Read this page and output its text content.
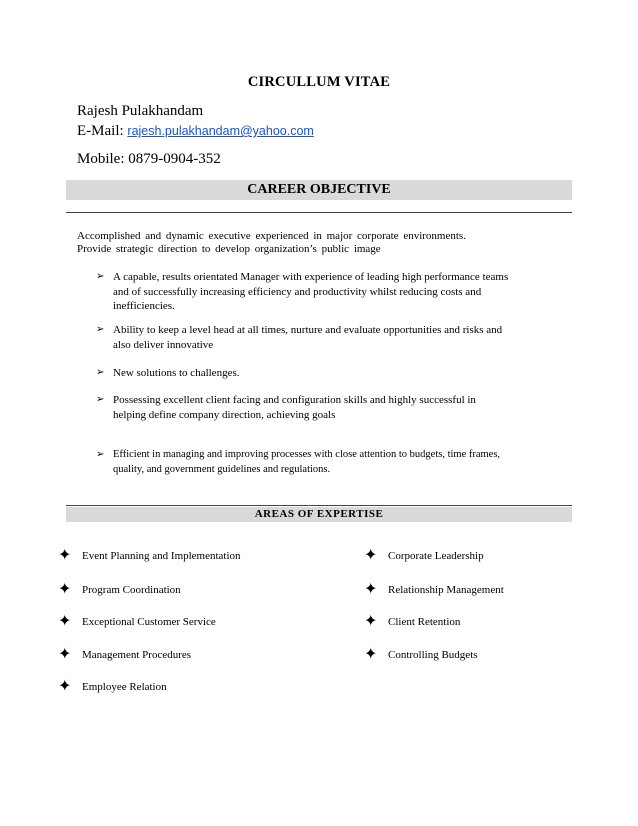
CIRCULLUM VITAE
Rajesh Pulakhandam
E-Mail: rajesh.pulakhandam@yahoo.com
Mobile: 0879-0904-352
CAREER OBJECTIVE
Accomplished and dynamic executive experienced in major corporate environments.
Provide strategic direction to develop organization’s public image
➢ A capable, results orientated Manager with experience of leading high performance teams and of successfully increasing efficiency and productivity whilst reducing costs and inefficiencies.
➢ Ability to keep a level head at all times, nurture and evaluate opportunities and risks and also deliver innovative
➢ New solutions to challenges.
➢ Possessing excellent client facing and configuration skills and highly successful in helping define company direction, achieving goals
➢ Efficient in managing and improving processes with close attention to budgets, time frames, quality, and government guidelines and regulations.
AREAS OF EXPERTISE
✦ Event Planning and Implementation
✦ Program Coordination
✦ Exceptional Customer Service
✦ Management Procedures
✦ Employee Relation
✦ Corporate Leadership
✦ Relationship Management
✦ Client Retention
✦ Controlling Budgets
